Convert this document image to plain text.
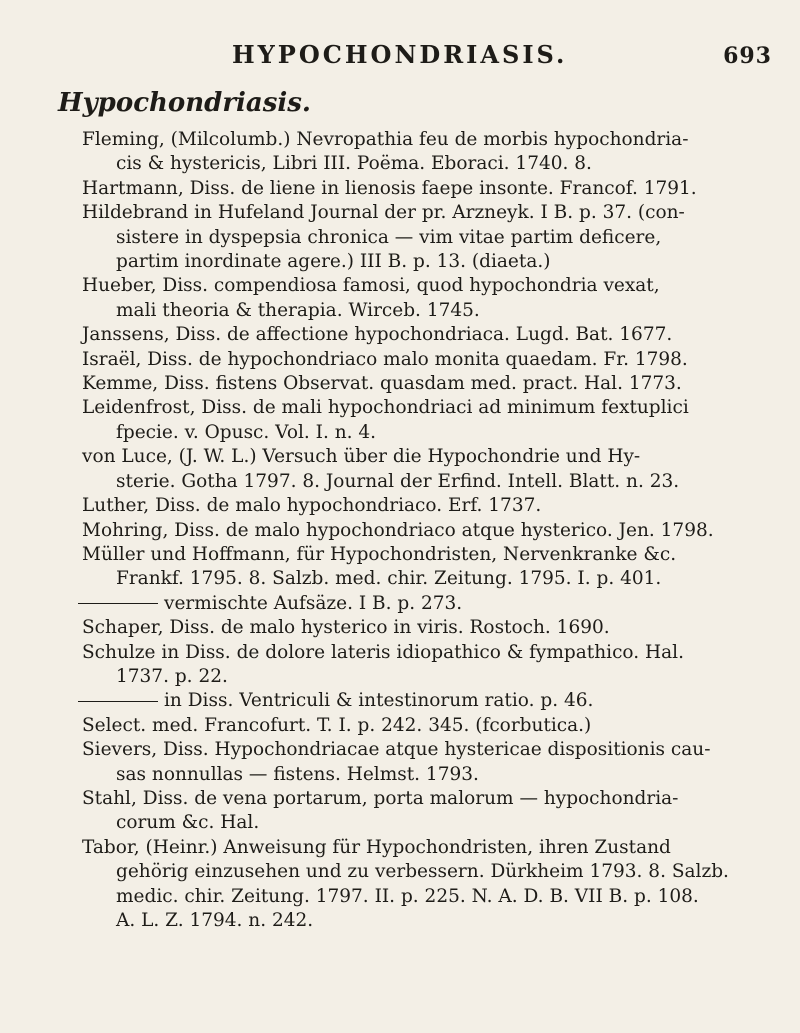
HYPOCHONDRIASIS.	693
Hypochondriasis.

Fleming, (Milcolumb.) Nevropathia feu de morbis hypochondria-

cis & hystericis, Libri III. Poëma. Eboraci. 1740. 8.

Hartmann, Diss. de liene in lienosis faepe insonte. Francof. 1791.

Hildebrand in Hufeland Journal der pr. Arzneyk. I B. p. 37. (con-

sistere in dyspepsia chronica — vim vitae partim deficere,

partim inordinate agere.) III B. p. 13. (diaeta.)

Hueber, Diss. compendiosa famosi, quod hypochondria vexat,

mali theoria & therapia. Wirceb. 1745.

Janssens, Diss. de affectione hypochondriaca. Lugd. Bat. 1677.

Israël, Diss. de hypochondriaco malo monita quaedam. Fr. 1798.

Kemme, Diss. fistens Observat. quasdam med. pract. Hal. 1773.

Leidenfrost, Diss. de mali hypochondriaci ad minimum fextuplici

fpecie. v. Opusc. Vol. I. n. 4.

von Luce, (J. W. L.) Versuch über die Hypochondrie und Hy-

sterie. Gotha 1797. 8. Journal der Erfind. Intell. Blatt. n. 23.

Luther, Diss. de malo hypochondriaco. Erf. 1737.

Mohring, Diss. de malo hypochondriaco atque hysterico. Jen. 1798.

Müller und Hoffmann, für Hypochondristen, Nervenkranke &c.

Frankf. 1795. 8. Salzb. med. chir. Zeitung. 1795. I. p. 401.

vermischte Aufsäze. I B. p. 273.

Schaper, Diss. de malo hysterico in viris. Rostoch. 1690.

Schulze in Diss. de dolore lateris idiopathico & fympathico. Hal.

1737. p. 22.

in Diss. Ventriculi & intestinorum ratio. p. 46.

Select. med. Francofurt. T. I. p. 242. 345. (fcorbutica.)

Sievers, Diss. Hypochondriacae atque hystericae dispositionis cau-

sas nonnullas — fistens. Helmst. 1793.

Stahl, Diss. de vena portarum, porta malorum — hypochondria-

corum &c. Hal.

Tabor, (Heinr.) Anweisung für Hypochondristen, ihren Zustand

gehörig einzusehen und zu verbessern. Dürkheim 1793. 8. Salzb.

medic. chir. Zeitung. 1797. II. p. 225. N. A. D. B. VII B. p. 108.

A. L. Z. 1794. n. 242.
